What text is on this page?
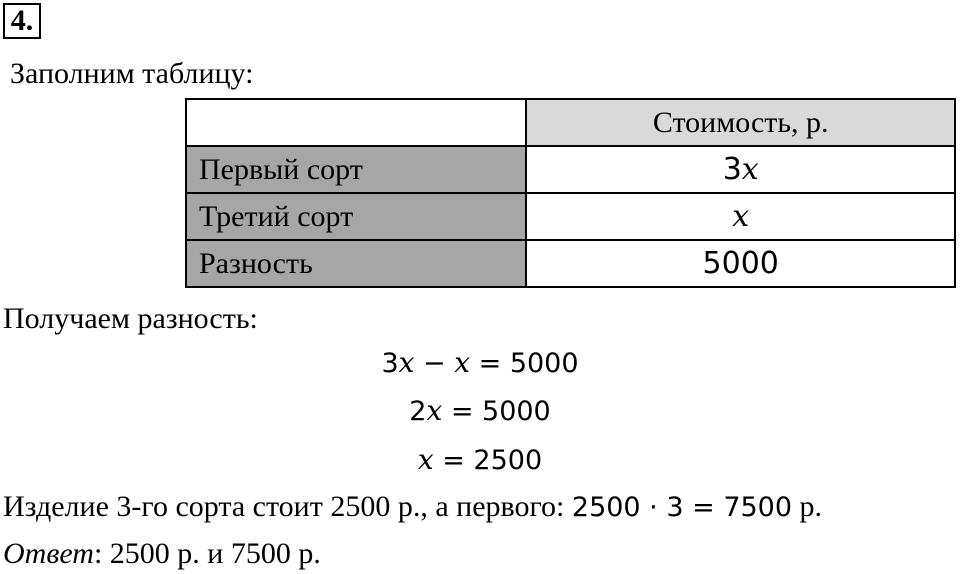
4.
Заполним таблицу:
	Стоимость, р.
Первый сорт	3x
Третий сорт	x
Разность	5000
Получаем разность:
3x − x = 5000
2x = 5000
x = 2500
Изделие 3-го сорта стоит 2500 р., а первого: 2500 · 3 = 7500 р.
Ответ: 2500 р. и 7500 р.
